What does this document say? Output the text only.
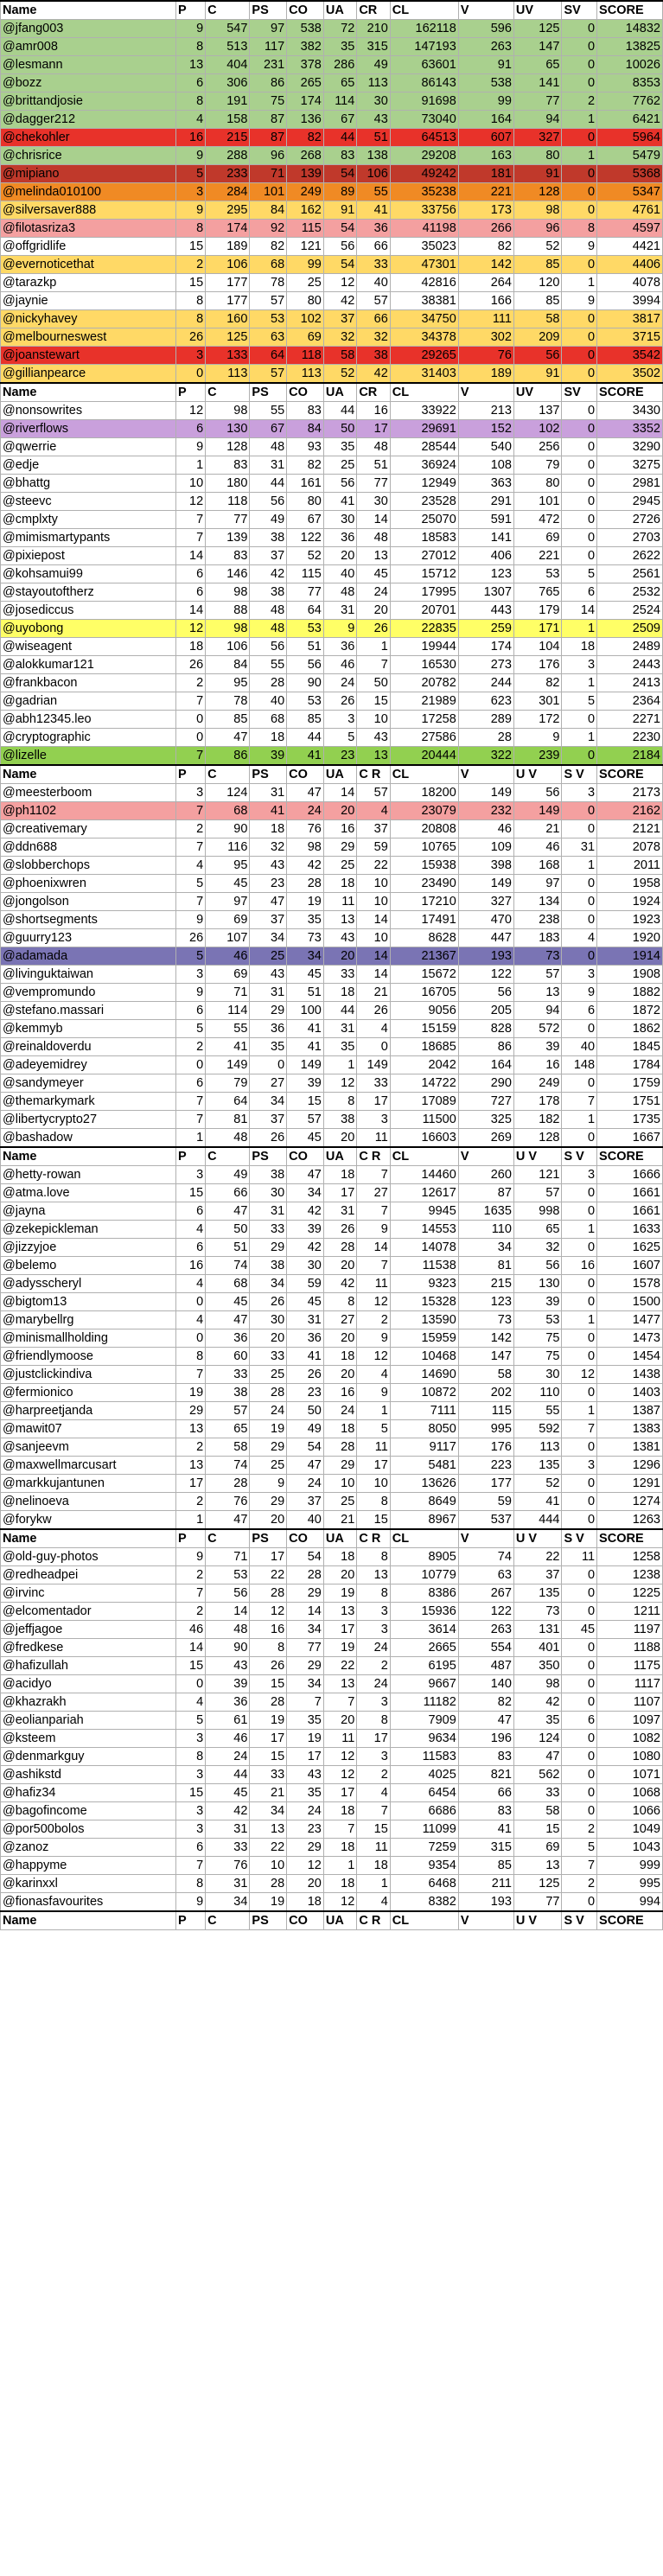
Name	P	C	PS	CO	UA	CR	CL	V	UV	SV	SCORE
@jfang003	9	547	97	538	72	210	162118	596	125	0	14832
@amr008	8	513	117	382	35	315	147193	263	147	0	13825
@lesmann	13	404	231	378	286	49	63601	91	65	0	10026
@bozz	6	306	86	265	65	113	86143	538	141	0	8353
@brittandjosie	8	191	75	174	114	30	91698	99	77	2	7762
@dagger212	4	158	87	136	67	43	73040	164	94	1	6421
@chekohler	16	215	87	82	44	51	64513	607	327	0	5964
@chrisrice	9	288	96	268	83	138	29208	163	80	1	5479
@mipiano	5	233	71	139	54	106	49242	181	91	0	5368
@melinda010100	3	284	101	249	89	55	35238	221	128	0	5347
@silversaver888	9	295	84	162	91	41	33756	173	98	0	4761
@filotasriza3	8	174	92	115	54	36	41198	266	96	8	4597
@offgridlife	15	189	82	121	56	66	35023	82	52	9	4421
@evernoticethat	2	106	68	99	54	33	47301	142	85	0	4406
@tarazkp	15	177	78	25	12	40	42816	264	120	1	4078
@jaynie	8	177	57	80	42	57	38381	166	85	9	3994
@nickyhavey	8	160	53	102	37	66	34750	111	58	0	3817
@melbourneswest	26	125	63	69	32	32	34378	302	209	0	3715
@joanstewart	3	133	64	118	58	38	29265	76	56	0	3542
@gillianpearce	0	113	57	113	52	42	31403	189	91	0	3502
Name	P	C	PS	CO	UA	CR	CL	V	UV	SV	SCORE
@nonsowrites	12	98	55	83	44	16	33922	213	137	0	3430
@riverflows	6	130	67	84	50	17	29691	152	102	0	3352
@qwerrie	9	128	48	93	35	48	28544	540	256	0	3290
@edje	1	83	31	82	25	51	36924	108	79	0	3275
@bhattg	10	180	44	161	56	77	12949	363	80	0	2981
@steevc	12	118	56	80	41	30	23528	291	101	0	2945
@cmplxty	7	77	49	67	30	14	25070	591	472	0	2726
@mimismartypants	7	139	38	122	36	48	18583	141	69	0	2703
@pixiepost	14	83	37	52	20	13	27012	406	221	0	2622
@kohsamui99	6	146	42	115	40	45	15712	123	53	5	2561
@stayoutoftherz	6	98	38	77	48	24	17995	1307	765	6	2532
@josediccus	14	88	48	64	31	20	20701	443	179	14	2524
@uyobong	12	98	48	53	9	26	22835	259	171	1	2509
@wiseagent	18	106	56	51	36	1	19944	174	104	18	2489
@alokkumar121	26	84	55	56	46	7	16530	273	176	3	2443
@frankbacon	2	95	28	90	24	50	20782	244	82	1	2413
@gadrian	7	78	40	53	26	15	21989	623	301	5	2364
@abh12345.leo	0	85	68	85	3	10	17258	289	172	0	2271
@cryptographic	0	47	18	44	5	43	27586	28	9	1	2230
@lizelle	7	86	39	41	23	13	20444	322	239	0	2184
Name	P	C	PS	CO	UA	C R	CL	V	U V	S V	SCORE
@meesterboom	3	124	31	47	14	57	18200	149	56	3	2173
@ph1102	7	68	41	24	20	4	23079	232	149	0	2162
@creativemary	2	90	18	76	16	37	20808	46	21	0	2121
@ddn688	7	116	32	98	29	59	10765	109	46	31	2078
@slobberchops	4	95	43	42	25	22	15938	398	168	1	2011
@phoenixwren	5	45	23	28	18	10	23490	149	97	0	1958
@jongolson	7	97	47	19	11	10	17210	327	134	0	1924
@shortsegments	9	69	37	35	13	14	17491	470	238	0	1923
@guurry123	26	107	34	73	43	10	8628	447	183	4	1920
@adamada	5	46	25	34	20	14	21367	193	73	0	1914
@livinguktaiwan	3	69	43	45	33	14	15672	122	57	3	1908
@vempromundo	9	71	31	51	18	21	16705	56	13	9	1882
@stefano.massari	6	114	29	100	44	26	9056	205	94	6	1872
@kemmyb	5	55	36	41	31	4	15159	828	572	0	1862
@reinaldoverdu	2	41	35	41	35	0	18685	86	39	40	1845
@adeyemidrey	0	149	0	149	1	149	2042	164	16	148	1784
@sandymeyer	6	79	27	39	12	33	14722	290	249	0	1759
@themarkymark	7	64	34	15	8	17	17089	727	178	7	1751
@libertycrypto27	7	81	37	57	38	3	11500	325	182	1	1735
@bashadow	1	48	26	45	20	11	16603	269	128	0	1667
Name	P	C	PS	CO	UA	C R	CL	V	U V	S V	SCORE
@hetty-rowan	3	49	38	47	18	7	14460	260	121	3	1666
@atma.love	15	66	30	34	17	27	12617	87	57	0	1661
@jayna	6	47	31	42	31	7	9945	1635	998	0	1661
@zekepickleman	4	50	33	39	26	9	14553	110	65	1	1633
@jizzyjoe	6	51	29	42	28	14	14078	34	32	0	1625
@belemo	16	74	38	30	20	7	11538	81	56	16	1607
@adysscheryl	4	68	34	59	42	11	9323	215	130	0	1578
@bigtom13	0	45	26	45	8	12	15328	123	39	0	1500
@marybellrg	4	47	30	31	27	2	13590	73	53	1	1477
@minismallholding	0	36	20	36	20	9	15959	142	75	0	1473
@friendlymoose	8	60	33	41	18	12	10468	147	75	0	1454
@justclickindiva	7	33	25	26	20	4	14690	58	30	12	1438
@fermionico	19	38	28	23	16	9	10872	202	110	0	1403
@harpreetjanda	29	57	24	50	24	1	7111	115	55	1	1387
@mawit07	13	65	19	49	18	5	8050	995	592	7	1383
@sanjeevm	2	58	29	54	28	11	9117	176	113	0	1381
@maxwellmarcusart	13	74	25	47	29	17	5481	223	135	3	1296
@markkujantunen	17	28	9	24	10	10	13626	177	52	0	1291
@nelinoeva	2	76	29	37	25	8	8649	59	41	0	1274
@forykw	1	47	20	40	21	15	8967	537	444	0	1263
Name	P	C	PS	CO	UA	C R	CL	V	U V	S V	SCORE
@old-guy-photos	9	71	17	54	18	8	8905	74	22	11	1258
@redheadpei	2	53	22	28	20	13	10779	63	37	0	1238
@irvinc	7	56	28	29	19	8	8386	267	135	0	1225
@elcomentador	2	14	12	14	13	3	15936	122	73	0	1211
@jeffjagoe	46	48	16	34	17	3	3614	263	131	45	1197
@fredkese	14	90	8	77	19	24	2665	554	401	0	1188
@hafizullah	15	43	26	29	22	2	6195	487	350	0	1175
@acidyo	0	39	15	34	13	24	9667	140	98	0	1117
@khazrakh	4	36	28	7	7	3	11182	82	42	0	1107
@eolianpariah	5	61	19	35	20	8	7909	47	35	6	1097
@ksteem	3	46	17	19	11	17	9634	196	124	0	1082
@denmarkguy	8	24	15	17	12	3	11583	83	47	0	1080
@ashikstd	3	44	33	43	12	2	4025	821	562	0	1071
@hafiz34	15	45	21	35	17	4	6454	66	33	0	1068
@bagofincome	3	42	34	24	18	7	6686	83	58	0	1066
@por500bolos	3	31	13	23	7	15	11099	41	15	2	1049
@zanoz	6	33	22	29	18	11	7259	315	69	5	1043
@happyme	7	76	10	12	1	18	9354	85	13	7	999
@karinxxl	8	31	28	20	18	1	6468	211	125	2	995
@fionasfavourites	9	34	19	18	12	4	8382	193	77	0	994
Name	P	C	PS	CO	UA	C R	CL	V	U V	S V	SCORE
